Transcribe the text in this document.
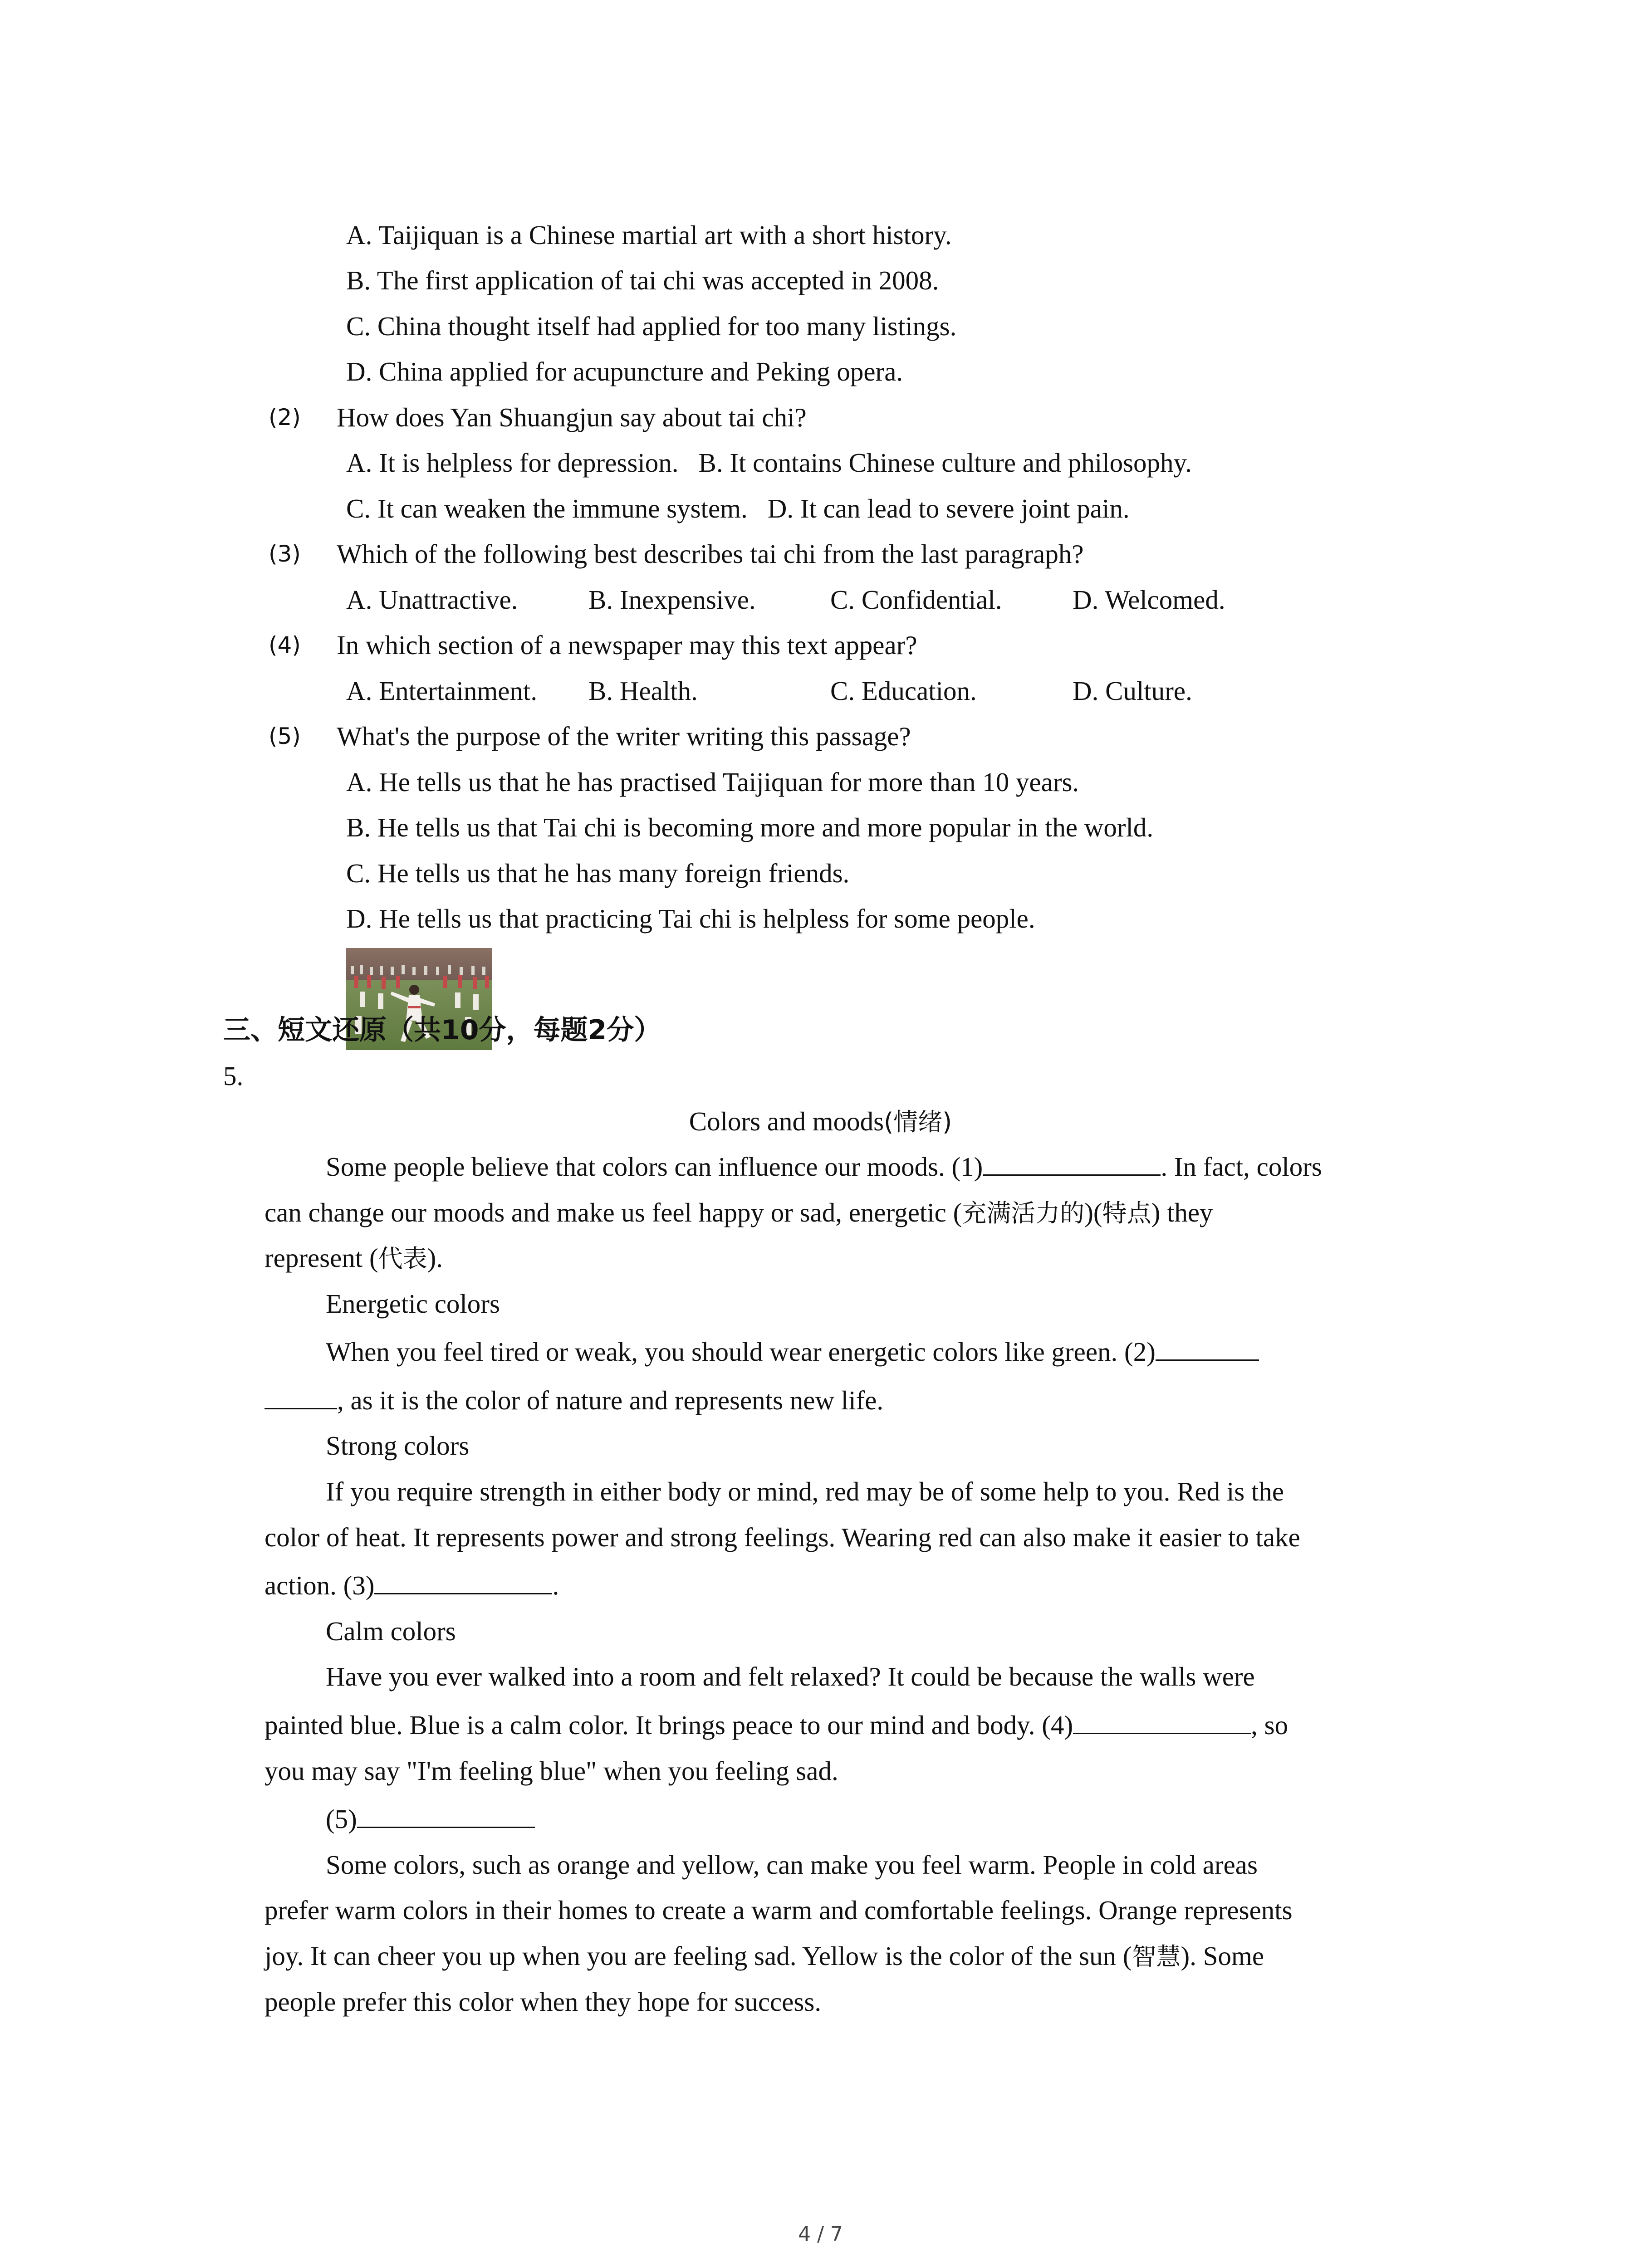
A. Taijiquan is a Chinese martial art with a short history.
B. The first application of tai chi was accepted in 2008.
C. China thought itself had applied for too many listings.
D. China applied for acupuncture and Peking opera.
(2) How does Yan Shuangjun say about tai chi?
A. It is helpless for depression. B. It contains Chinese culture and philosophy.
C. It can weaken the immune system. D. It can lead to severe joint pain.
(3) Which of the following best describes tai chi from the last paragraph?
A. Unattractive.	B. Inexpensive.	C. Confidential.	D. Welcomed.
(4) In which section of a newspaper may this text appear?
A. Entertainment. B. Health.	C. Education.	D. Culture.
(5) What's the purpose of the writer writing this passage?
A. He tells us that he has practised Taijiquan for more than 10 years.
B. He tells us that Tai chi is becoming more and more popular in the world.
C. He tells us that he has many foreign friends.
D. He tells us that practicing Tai chi is helpless for some people.
三、短文还原（共10分，每题2分）
5.
Colors and moods(情绪)
Some people believe that colors can influence our moods. (1)	. In fact, colors
can change our moods and make us feel happy or sad, energetic (充满活力的)(特点) they
represent (代表).
Energetic colors
When you feel tired or weak, you should wear energetic colors like green. (2)
, as it is the color of nature and represents new life.
Strong colors
If you require strength in either body or mind, red may be of some help to you. Red is the
color of heat. It represents power and strong feelings. Wearing red can also make it easier to take
action. (3)	.
Calm colors
Have you ever walked into a room and felt relaxed? It could be because the walls were
painted blue. Blue is a calm color. It brings peace to our mind and body. (4)	, so
you may say "I'm feeling blue" when you feeling sad.
(5)
Some colors, such as orange and yellow, can make you feel warm. People in cold areas
prefer warm colors in their homes to create a warm and comfortable feelings. Orange represents
joy. It can cheer you up when you are feeling sad. Yellow is the color of the sun (智慧). Some
people prefer this color when they hope for success.
4 / 7
